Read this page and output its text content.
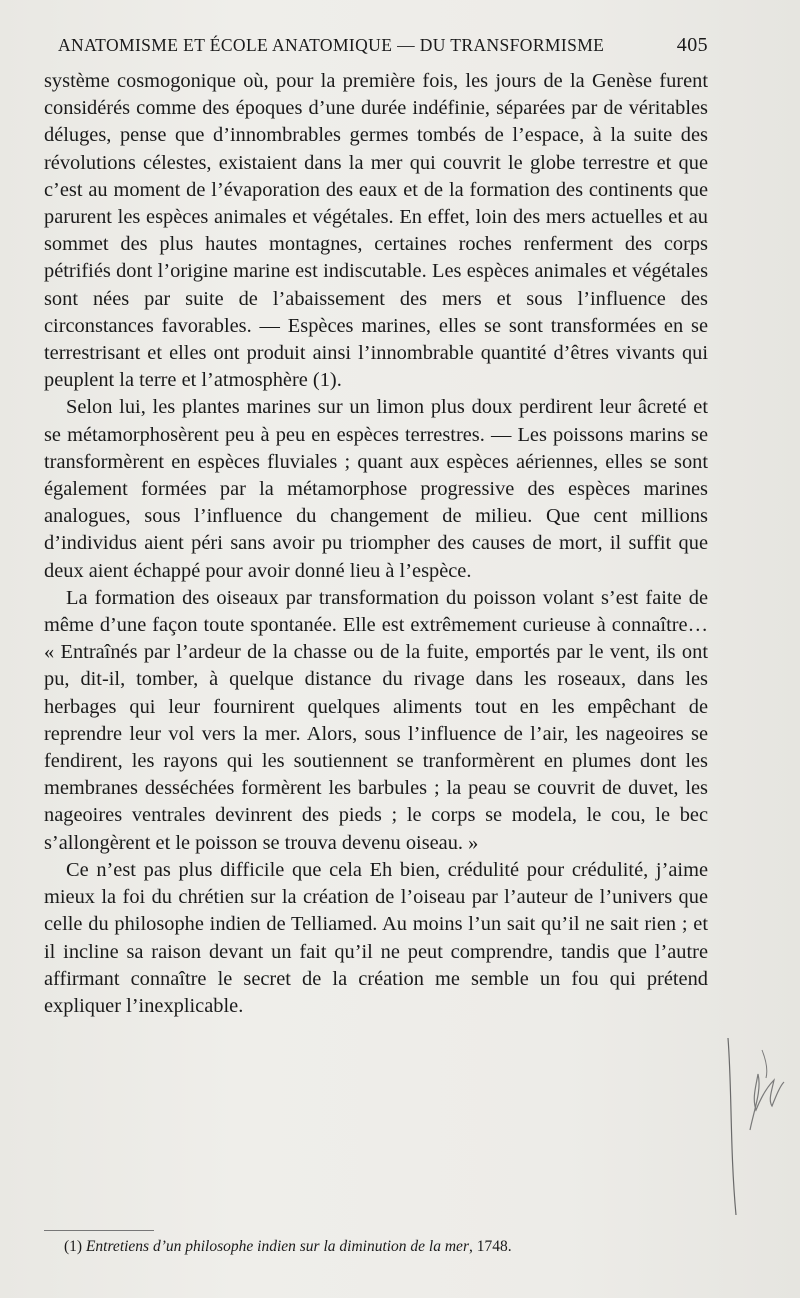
ANATOMISME ET ÉCOLE ANATOMIQUE — DU TRANSFORMISME	405

système cosmogonique où, pour la première fois, les jours de la Genèse furent considérés comme des époques d’une durée indéfinie, séparées par de véritables déluges, pense que d’innombrables germes tombés de l’espace, à la suite des révolutions célestes, existaient dans la mer qui couvrit le globe terrestre et que c’est au moment de l’évaporation des eaux et de la formation des continents que parurent les espèces animales et végétales. En effet, loin des mers actuelles et au sommet des plus hautes montagnes, certaines roches renferment des corps pétrifiés dont l’origine marine est indiscutable. Les espèces animales et végétales sont nées par suite de l’abaissement des mers et sous l’influence des circonstances favorables. — Espèces marines, elles se sont transformées en se terrestrisant et elles ont produit ainsi l’innombrable quantité d’êtres vivants qui peuplent la terre et l’atmosphère (1).

Selon lui, les plantes marines sur un limon plus doux perdirent leur âcreté et se métamorphosèrent peu à peu en espèces terrestres. — Les poissons marins se transformèrent en espèces fluviales ; quant aux espèces aériennes, elles se sont également formées par la métamorphose progressive des espèces marines analogues, sous l’influence du changement de milieu. Que cent millions d’individus aient péri sans avoir pu triompher des causes de mort, il suffit que deux aient échappé pour avoir donné lieu à l’espèce.

La formation des oiseaux par transformation du poisson volant s’est faite de même d’une façon toute spontanée. Elle est extrêmement curieuse à connaître… « Entraînés par l’ardeur de la chasse ou de la fuite, emportés par le vent, ils ont pu, dit-il, tomber, à quelque distance du rivage dans les roseaux, dans les herbages qui leur fournirent quelques aliments tout en les empêchant de reprendre leur vol vers la mer. Alors, sous l’influence de l’air, les nageoires se fendirent, les rayons qui les soutiennent se tranformèrent en plumes dont les membranes desséchées formèrent les barbules ; la peau se couvrit de duvet, les nageoires ventrales devinrent des pieds ; le corps se modela, le cou, le bec s’allongèrent et le poisson se trouva devenu oiseau. »

Ce n’est pas plus difficile que cela Eh bien, crédulité pour crédulité, j’aime mieux la foi du chrétien sur la création de l’oiseau par l’auteur de l’univers que celle du philosophe indien de Telliamed. Au moins l’un sait qu’il ne sait rien ; et il incline sa raison devant un fait qu’il ne peut comprendre, tandis que l’autre affirmant connaître le secret de la création me semble un fou qui prétend expliquer l’inexplicable.

(1) Entretiens d’un philosophe indien sur la diminution de la mer, 1748.
